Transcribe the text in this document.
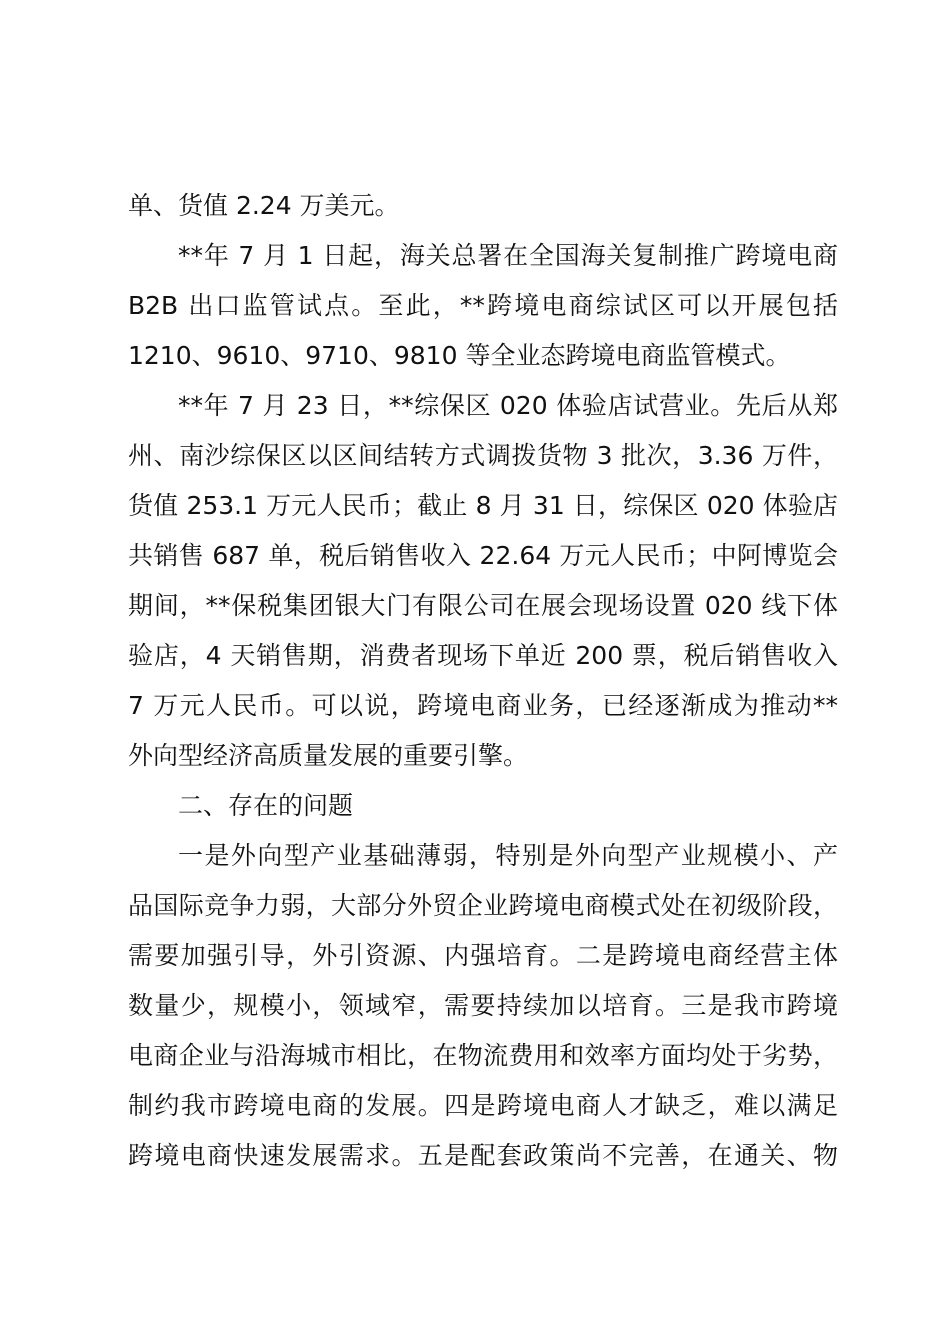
单、货值 2.24 万美元。

**年 7 月 1 日起，海关总署在全国海关复制推广跨境电商

B2B 出口监管试点。至此，**跨境电商综试区可以开展包括

1210、9610、9710、9810 等全业态跨境电商监管模式。

**年 7 月 23 日，**综保区 020 体验店试营业。先后从郑

州、南沙综保区以区间结转方式调拨货物 3 批次，3.36 万件，

货值 253.1 万元人民币；截止 8 月 31 日，综保区 020 体验店

共销售 687 单，税后销售收入 22.64 万元人民币；中阿博览会

期间，**保税集团银大门有限公司在展会现场设置 020 线下体

验店，4 天销售期，消费者现场下单近 200 票，税后销售收入

7 万元人民币。可以说，跨境电商业务，已经逐渐成为推动**

外向型经济高质量发展的重要引擎。

二、存在的问题

一是外向型产业基础薄弱，特别是外向型产业规模小、产

品国际竞争力弱，大部分外贸企业跨境电商模式处在初级阶段，

需要加强引导，外引资源、内强培育。二是跨境电商经营主体

数量少，规模小，领域窄，需要持续加以培育。三是我市跨境

电商企业与沿海城市相比，在物流费用和效率方面均处于劣势，

制约我市跨境电商的发展。四是跨境电商人才缺乏，难以满足

跨境电商快速发展需求。五是配套政策尚不完善，在通关、物
